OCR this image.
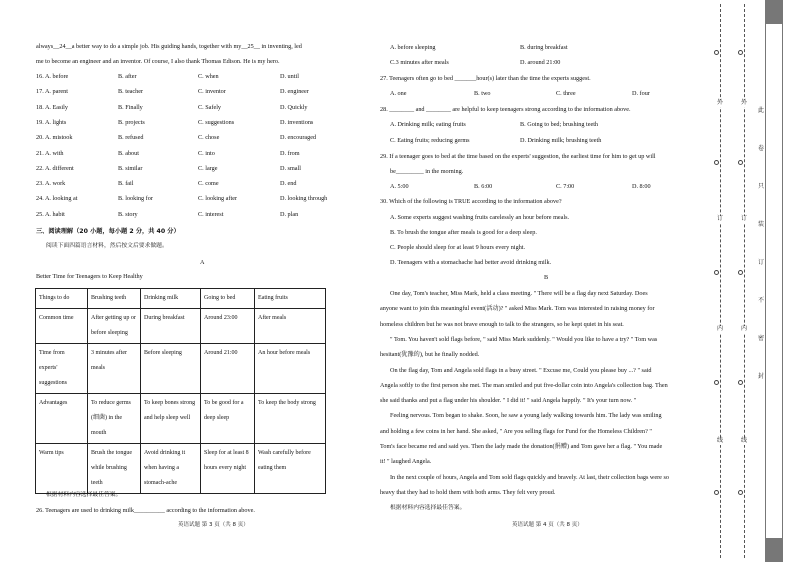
always__24__a better way to do a simple job. His guiding hands, together with my__25__ in inventing, led
me to become an engineer and an inventor. Of course, I also thank Thomas Edison. He is my hero.
16. A. before	B. after	C. when	D. until
17. A. parent	B. teacher	C. inventor	D. engineer
18. A. Easily	B. Finally	C. Safely	D. Quickly
19. A. lights	B. projects	C. suggestions	D. inventions
20. A. mistook	B. refused	C. chose	D. encouraged
21. A. with	B. about	C. into	D. from
22. A. different	B. similar	C. large	D. small
23. A. work	B. fail	C. come	D. end
24. A. looking at	B. looking for	C. looking after	D. looking through
25. A. habit	B. story	C. interest	D. plan
三、阅读理解（20 小题，每小题 2 分，共 40 分）
阅读下面四篇语言材料，然后按文后要求做题。
A
Better Time for Teenagers to Keep Healthy
Things to do	Brushing teeth	Drinking milk	Going to bed	Eating fruits
Common time	After getting up or before sleeping	During breakfast	Around 23:00	After meals
Time from experts' suggestions	3 minutes after meals	Before sleeping	Around 21:00	An hour before meals
Advantages	To reduce germs (细菌) in the mouth	To keep bones strong and help sleep well	To be good for a deep sleep	To keep the body strong
Warm tips	Brush the tongue while brushing teeth	Avoid drinking it when having a stomach-ache	Sleep for at least 8 hours every night	Wash carefully before eating them
根据材料内容选择最佳答案。
26. Teenagers are used to drinking milk__________ according to the information above.
英语试题 第 3 页（共 8 页）
A. before sleeping	B. during breakfast
C.3 minutes after meals	D. around 21:00
27. Teenagers often go to bed _______hour(s) later than the time the experts suggest.
A. one	B. two	C. three	D. four
28. ________ and ________ are helpful to keep teenagers strong according to the information above.
A. Drinking milk; eating fruits	B. Going to bed; brushing teeth
C. Eating fruits; reducing germs	D. Drinking milk; brushing teeth
29. If a teenager goes to bed at the time based on the experts' suggestion, the earliest time for him to get up will
be_________ in the morning.
A. 5:00	B. 6:00	C. 7:00	D. 8:00
30. Which of the following is TRUE according to the information above?
A. Some experts suggest washing fruits carelessly an hour before meals.
B. To brush the tongue after meals is good for a deep sleep.
C. People should sleep for at least 9 hours every night.
D. Teenagers with a stomachache had better avoid drinking milk.
B
One day, Tom's teacher, Miss Mark, held a class meeting. " There will be a flag day next Saturday. Does
anyone want to join this meaningful event(活动)? " asked Miss Mark. Tom was interested in raising money for
homeless children but he was not brave enough to talk to the strangers, so he kept quiet in his seat.
" Tom. You haven't sold flags before, " said Miss Mark suddenly. " Would you like to have a try? " Tom was
hesitant(犹豫的), but he finally nodded.
On the flag day, Tom and Angela sold flags in a busy street. " Excuse me, Could you please buy ...? " said
Angela softly to the first person she met. The man smiled and put five-dollar coin into Angela's collection bag. Then
she said thanks and put a flag under his shoulder. " I did it! " said Angela happily. " It's your turn now. "
Feeling nervous. Tom began to shake. Soon, he saw a young lady walking towards him. The lady was smiling
and holding a few coins in her hand. She asked, " Are you selling flags for Fund for the Homeless Children? "
Tom's face became red and said yes. Then the lady made the donation(捐赠) and Tom gave her a flag. " You made
it! " laughed Angela.
In the next couple of hours, Angela and Tom sold flags quickly and bravely. At last, their collection bags were so
heavy that they had to hold them with both arms. They felt very proud.
根据材料内容选择最佳答案。
英语试题 第 4 页（共 8 页）
此
卷
只
装
订
不
密
封
外
订
内
线
外
订
内
线
